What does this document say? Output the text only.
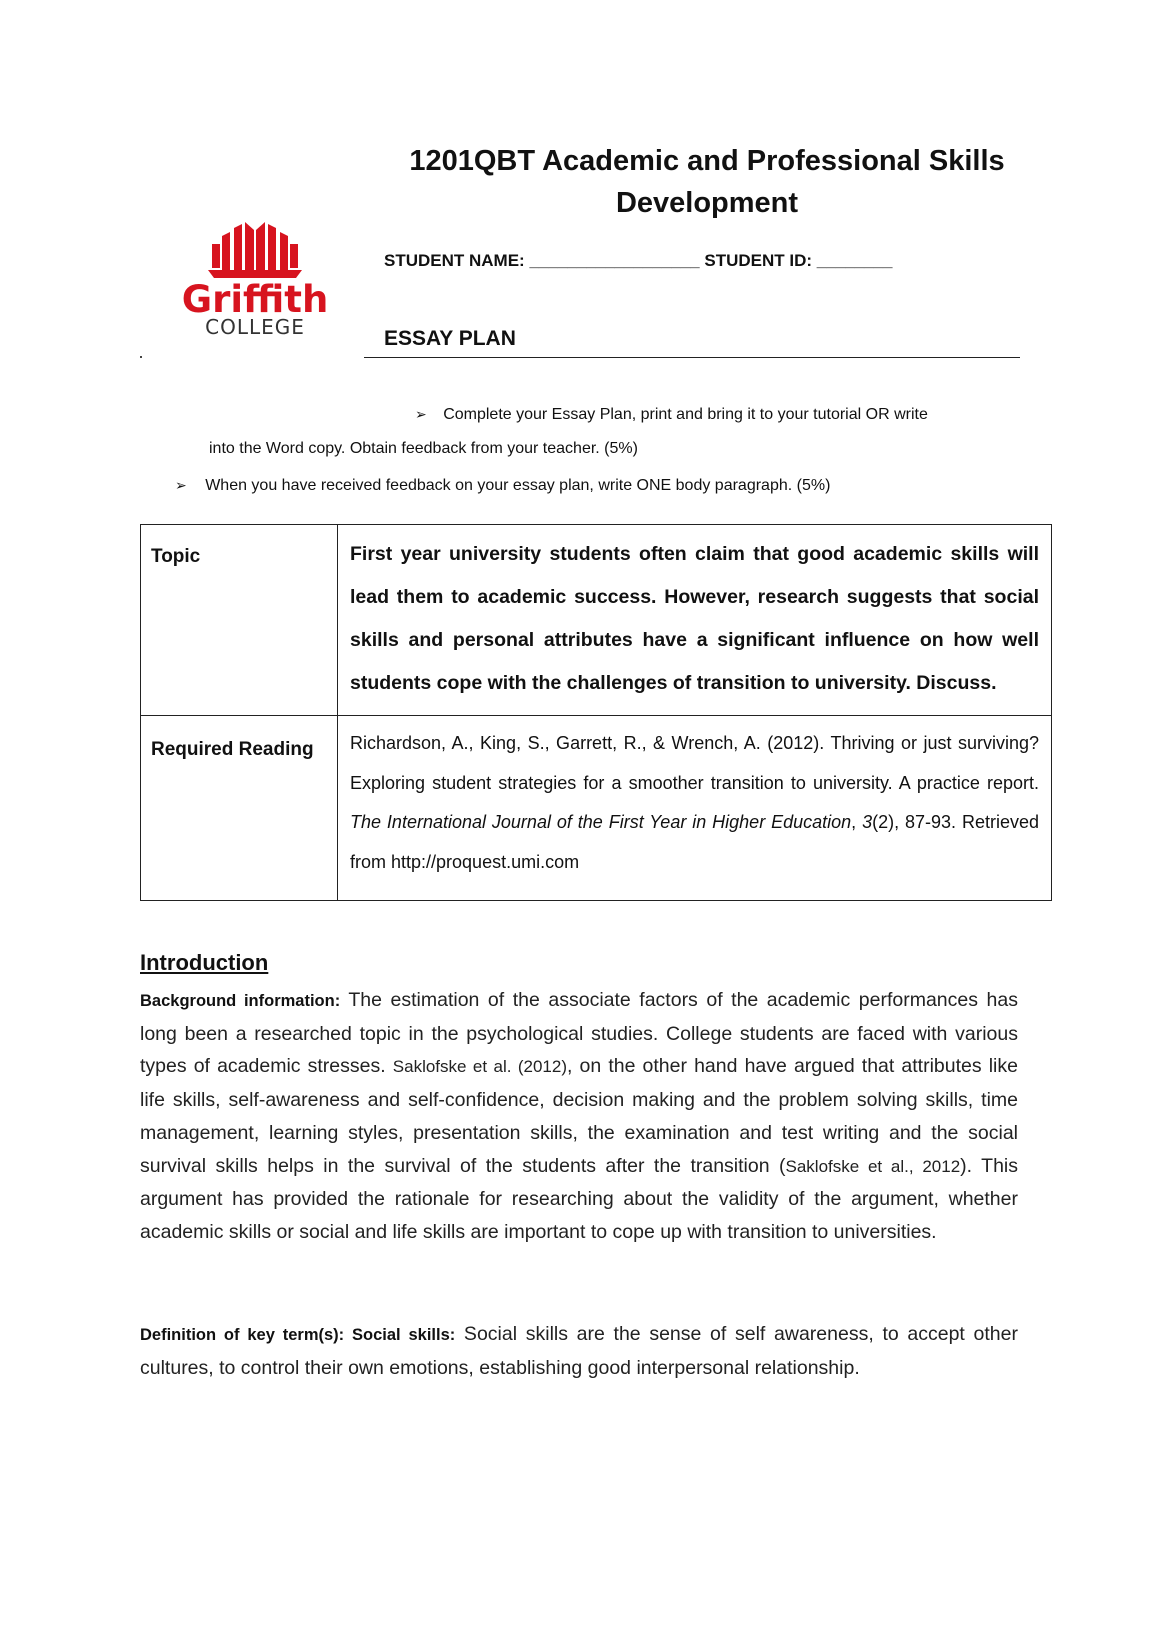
1201QBT Academic and Professional Skills Development
Griffith
COLLEGE
STUDENT NAME: __________________ STUDENT ID: ________
ESSAY PLAN
➢ Complete your Essay Plan, print and bring it to your tutorial OR write
into the Word copy. Obtain feedback from your teacher. (5%)
➢ When you have received feedback on your essay plan, write ONE body paragraph. (5%)
Topic	First year university students often claim that good academic skills will lead them to academic success. However, research suggests that social skills and personal attributes have a significant influence on how well students cope with the challenges of transition to university. Discuss.
Required Reading	Richardson, A., King, S., Garrett, R., & Wrench, A. (2012). Thriving or just surviving? Exploring student strategies for a smoother transition to university. A practice report. The International Journal of the First Year in Higher Education, 3(2), 87-93. Retrieved from http://proquest.umi.com
Introduction
Background information: The estimation of the associate factors of the academic performances has long been a researched topic in the psychological studies. College students are faced with various types of academic stresses. Saklofske et al. (2012), on the other hand have argued that attributes like life skills, self-awareness and self-confidence, decision making and the problem solving skills, time management, learning styles, presentation skills, the examination and test writing and the social survival skills helps in the survival of the students after the transition (Saklofske et al., 2012). This argument has provided the rationale for researching about the validity of the argument, whether academic skills or social and life skills are important to cope up with transition to universities.
Definition of key term(s): Social skills: Social skills are the sense of self awareness, to accept other cultures, to control their own emotions, establishing good interpersonal relationship.
